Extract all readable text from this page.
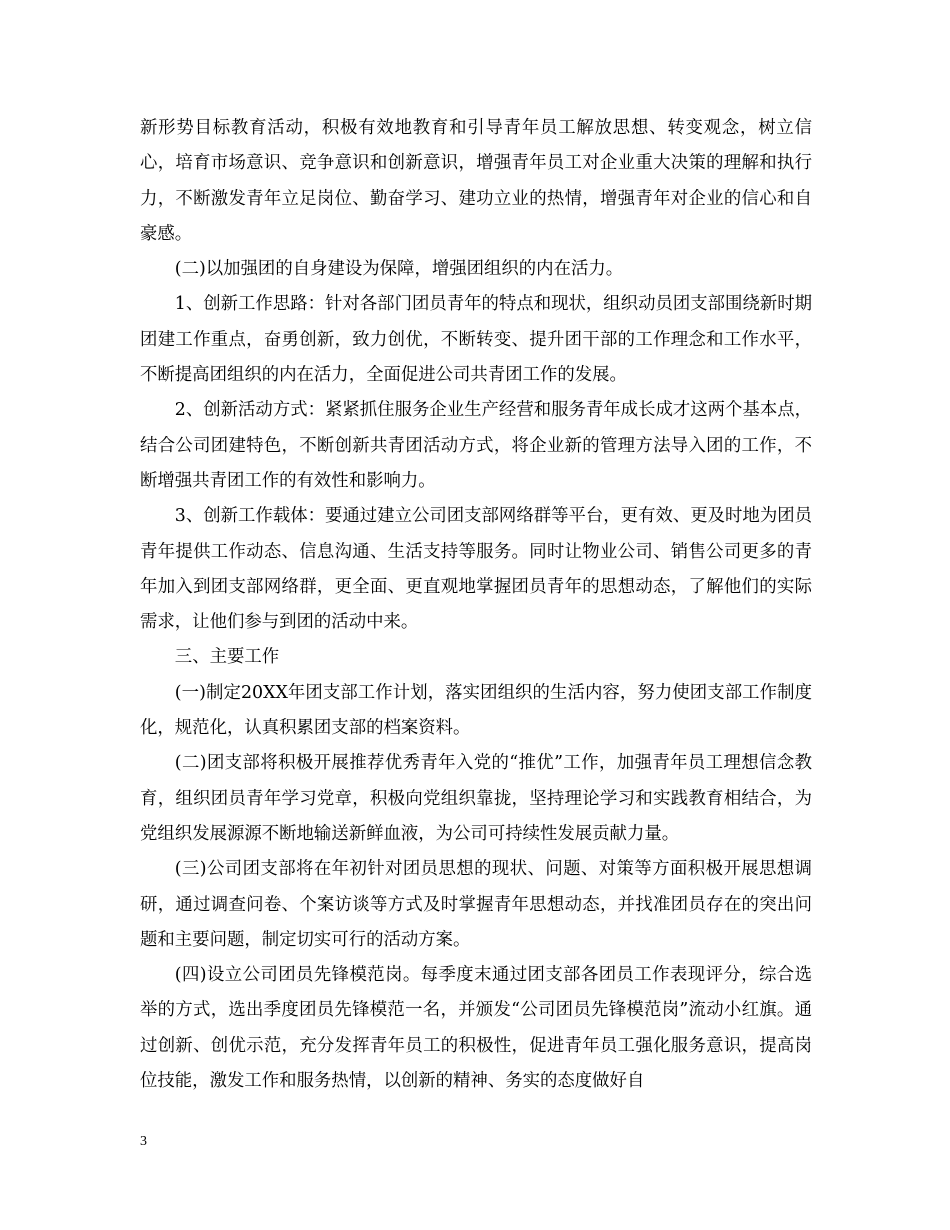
新形势目标教育活动，积极有效地教育和引导青年员工解放思想、转变观念，树立信心，培育市场意识、竞争意识和创新意识，增强青年员工对企业重大决策的理解和执行力，不断激发青年立足岗位、勤奋学习、建功立业的热情，增强青年对企业的信心和自豪感。

(二)以加强团的自身建设为保障，增强团组织的内在活力。

1、创新工作思路：针对各部门团员青年的特点和现状，组织动员团支部围绕新时期团建工作重点，奋勇创新，致力创优，不断转变、提升团干部的工作理念和工作水平，不断提高团组织的内在活力，全面促进公司共青团工作的发展。

2、创新活动方式：紧紧抓住服务企业生产经营和服务青年成长成才这两个基本点，结合公司团建特色，不断创新共青团活动方式，将企业新的管理方法导入团的工作，不断增强共青团工作的有效性和影响力。

3、创新工作载体：要通过建立公司团支部网络群等平台，更有效、更及时地为团员青年提供工作动态、信息沟通、生活支持等服务。同时让物业公司、销售公司更多的青年加入到团支部网络群，更全面、更直观地掌握团员青年的思想动态，了解他们的实际需求，让他们参与到团的活动中来。

三、主要工作

(一)制定20XX年团支部工作计划，落实团组织的生活内容，努力使团支部工作制度化，规范化，认真积累团支部的档案资料。

(二)团支部将积极开展推荐优秀青年入党的“推优”工作，加强青年员工理想信念教育，组织团员青年学习党章，积极向党组织靠拢，坚持理论学习和实践教育相结合，为党组织发展源源不断地输送新鲜血液，为公司可持续性发展贡献力量。

(三)公司团支部将在年初针对团员思想的现状、问题、对策等方面积极开展思想调研，通过调查问卷、个案访谈等方式及时掌握青年思想动态，并找准团员存在的突出问题和主要问题，制定切实可行的活动方案。

(四)设立公司团员先锋模范岗。每季度末通过团支部各团员工作表现评分，综合选举的方式，选出季度团员先锋模范一名，并颁发“公司团员先锋模范岗”流动小红旗。通过创新、创优示范，充分发挥青年员工的积极性，促进青年员工强化服务意识，提高岗位技能，激发工作和服务热情，以创新的精神、务实的态度做好自

3
